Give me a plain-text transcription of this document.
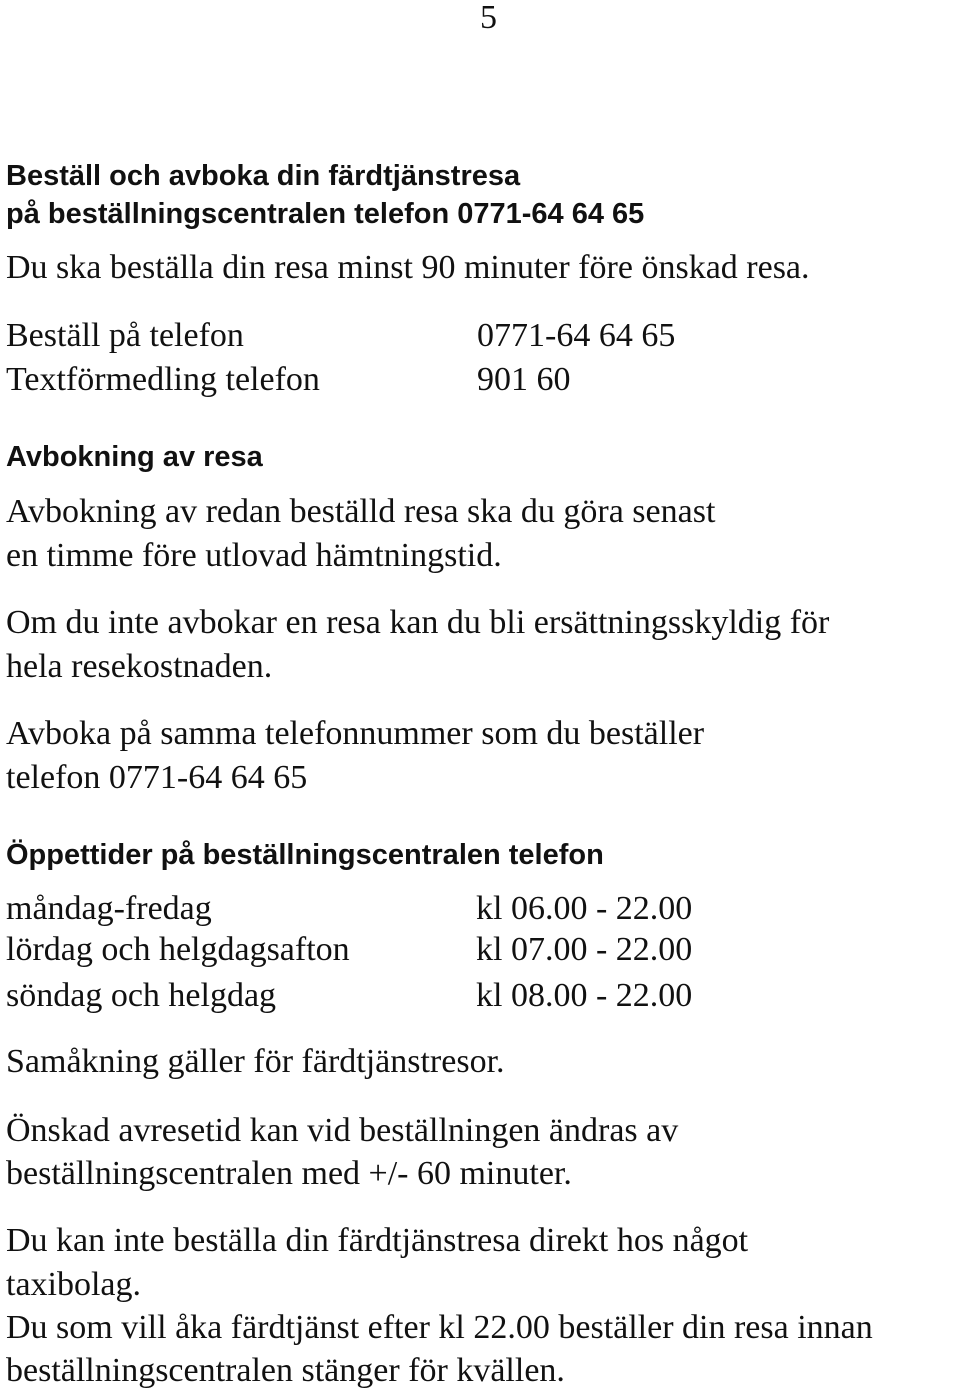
5
Beställ och avboka din färdtjänstresa
på beställningscentralen telefon 0771-64 64 65
Du ska beställa din resa minst 90 minuter före önskad resa.
Beställ på telefon	0771-64 64 65
Textförmedling telefon	901 60
Avbokning av resa
Avbokning av redan beställd resa ska du göra senast
en timme före utlovad hämtningstid.
Om du inte avbokar en resa kan du bli ersättningsskyldig för
hela resekostnaden.
Avboka på samma telefonnummer som du beställer
telefon 0771-64 64 65
Öppettider på beställningscentralen telefon
måndag-fredag	kl 06.00 - 22.00
lördag och helgdagsafton	kl 07.00 - 22.00
söndag och helgdag	kl 08.00 - 22.00
Samåkning gäller för färdtjänstresor.
Önskad avresetid kan vid beställningen ändras av
beställningscentralen med +/- 60 minuter.
Du kan inte beställa din färdtjänstresa direkt hos något
taxibolag.
Du som vill åka färdtjänst efter kl 22.00 beställer din resa innan
beställningscentralen stänger för kvällen.
